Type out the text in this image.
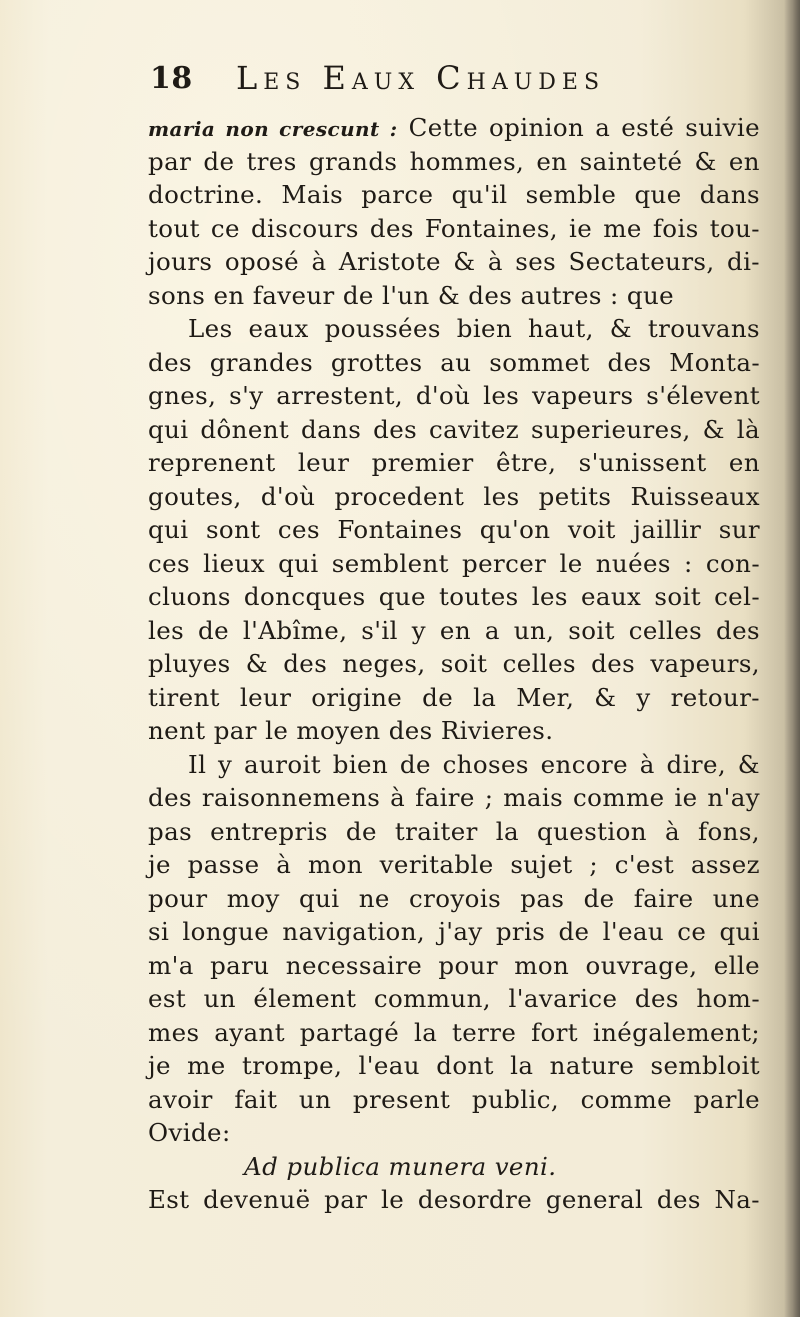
18 Les Eaux Chaudes
maria non crescunt : Cette opinion a esté suivie
par de tres grands hommes, en sainteté & en
doctrine. Mais parce qu'il semble que dans
tout ce discours des Fontaines, ie me fois tou-
jours oposé à Aristote & à ses Sectateurs, di-
sons en faveur de l'un & des autres : que
Les eaux poussées bien haut, & trouvans
des grandes grottes au sommet des Monta-
gnes, s'y arrestent, d'où les vapeurs s'élevent
qui dônent dans des cavitez superieures, & là
reprenent leur premier être, s'unissent en
goutes, d'où procedent les petits Ruisseaux
qui sont ces Fontaines qu'on voit jaillir sur
ces lieux qui semblent percer le nuées : con-
cluons doncques que toutes les eaux soit cel-
les de l'Abîme, s'il y en a un, soit celles des
pluyes & des neges, soit celles des vapeurs,
tirent leur origine de la Mer, & y retour-
nent par le moyen des Rivieres.
Il y auroit bien de choses encore à dire, &
des raisonnemens à faire ; mais comme ie n'ay
pas entrepris de traiter la question à fons,
je passe à mon veritable sujet ; c'est assez
pour moy qui ne croyois pas de faire une
si longue navigation, j'ay pris de l'eau ce qui
m'a paru necessaire pour mon ouvrage, elle
est un élement commun, l'avarice des hom-
mes ayant partagé la terre fort inégalement;
je me trompe, l'eau dont la nature sembloit
avoir fait un present public, comme parle
Ovide:
Ad publica munera veni.
Est devenuë par le desordre general des Na-
